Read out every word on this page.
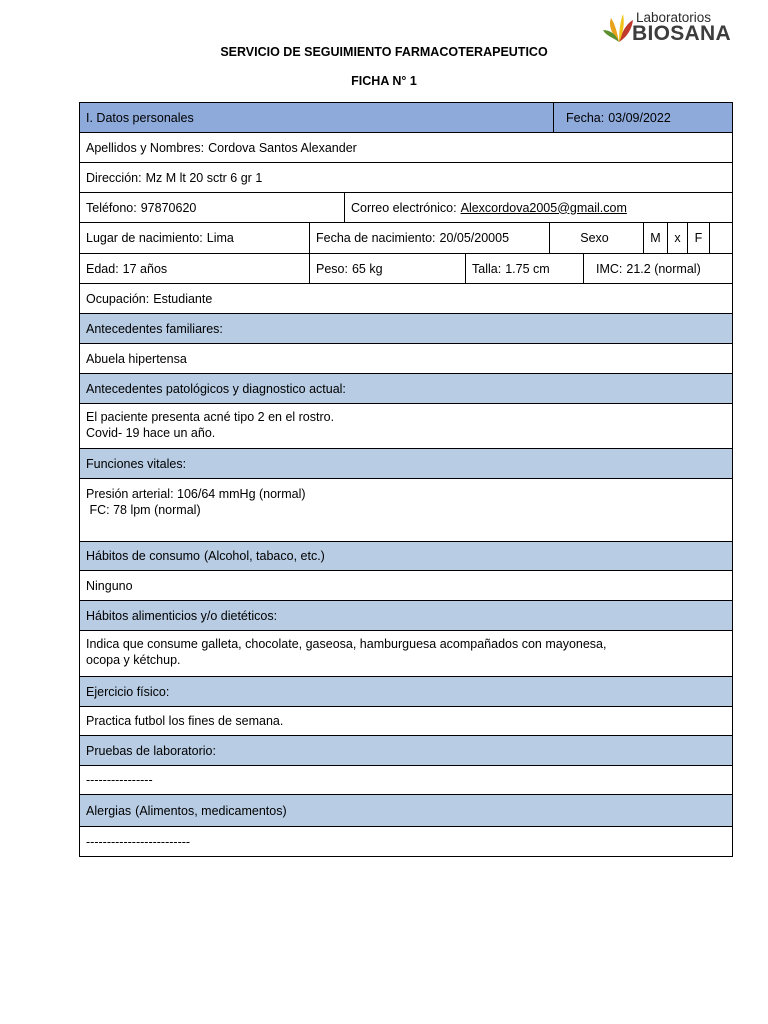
Laboratorios
BIOSANA
SERVICIO DE SEGUIMIENTO FARMACOTERAPEUTICO
FICHA N° 1
I. Datos personales	Fecha: 03/09/2022
Apellidos y Nombres: Cordova Santos Alexander
Dirección: Mz M lt 20 sctr 6 gr 1
Teléfono: 97870620	Correo electrónico: Alexcordova2005@gmail.com
Lugar de nacimiento: Lima	Fecha de nacimiento: 20/05/20005	Sexo	M x F
Edad: 17 años	Peso: 65 kg	Talla: 1.75 cm	IMC: 21.2 (normal)
Ocupación: Estudiante
Antecedentes familiares:
Abuela hipertensa
Antecedentes patológicos y diagnostico actual:
El paciente presenta acné tipo 2 en el rostro.
Covid- 19 hace un año.
Funciones vitales:
Presión arterial: 106/64 mmHg (normal)
FC: 78 lpm (normal)
Hábitos de consumo (Alcohol, tabaco, etc.)
Ninguno
Hábitos alimenticios y/o dietéticos:
Indica que consume galleta, chocolate, gaseosa, hamburguesa acompañados con mayonesa,
ocopa y kétchup.
Ejercicio físico:
Practica futbol los fines de semana.
Pruebas de laboratorio:
----------------
Alergias (Alimentos, medicamentos)
-------------------------
